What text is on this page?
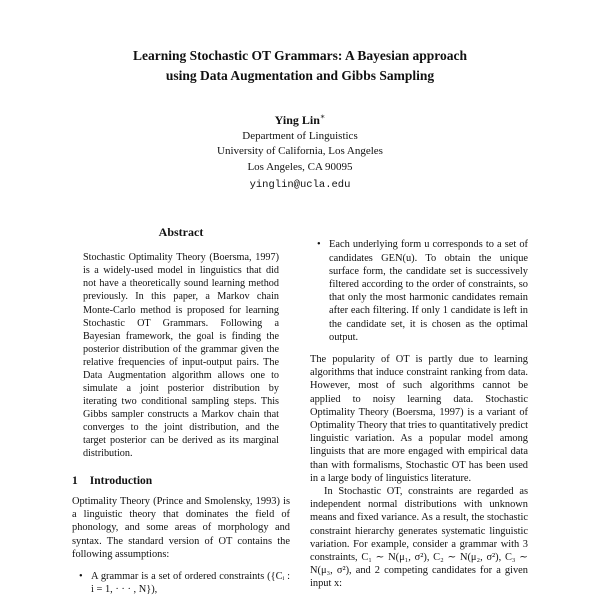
Learning Stochastic OT Grammars: A Bayesian approach
using Data Augmentation and Gibbs Sampling
Ying Lin∗
Department of Linguistics
University of California, Los Angeles
Los Angeles, CA 90095
yinglin@ucla.edu
Abstract

Stochastic Optimality Theory (Boersma, 1997) is a widely-used model in linguistics that did not have a theoretically sound learning method previously. In this paper, a Markov chain Monte-Carlo method is proposed for learning Stochastic OT Grammars. Following a Bayesian framework, the goal is finding the posterior distribution of the grammar given the relative frequencies of input-output pairs. The Data Augmentation algorithm allows one to simulate a joint posterior distribution by iterating two conditional sampling steps. This Gibbs sampler constructs a Markov chain that converges to the joint distribution, and the target posterior can be derived as its marginal distribution.

1 Introduction

Optimality Theory (Prince and Smolensky, 1993) is a linguistic theory that dominates the field of phonology, and some areas of morphology and syntax. The standard version of OT contains the following assumptions:

• A grammar is a set of ordered constraints ({Cᵢ : i = 1, · · · , N}),

• Each underlying form u corresponds to a set of candidates GEN(u). To obtain the unique surface form, the candidate set is successively filtered according to the order of constraints, so that only the most harmonic candidates remain after each filtering. If only 1 candidate is left in the candidate set, it is chosen as the optimal output.

The popularity of OT is partly due to learning algorithms that induce constraint ranking from data. However, most of such algorithms cannot be applied to noisy learning data. Stochastic Optimality Theory (Boersma, 1997) is a variant of Optimality Theory that tries to quantitatively predict linguistic variation. As a popular model among linguists that are more engaged with empirical data than with formalisms, Stochastic OT has been used in a large body of linguistics literature.

In Stochastic OT, constraints are regarded as independent normal distributions with unknown means and fixed variance. As a result, the stochastic constraint hierarchy generates systematic linguistic variation. For example, consider a grammar with 3 constraints, C₁ ∼ N(μ₁, σ²), C₂ ∼ N(μ₂, σ²), C₃ ∼ N(μ₃, σ²), and 2 competing candidates for a given input x:
